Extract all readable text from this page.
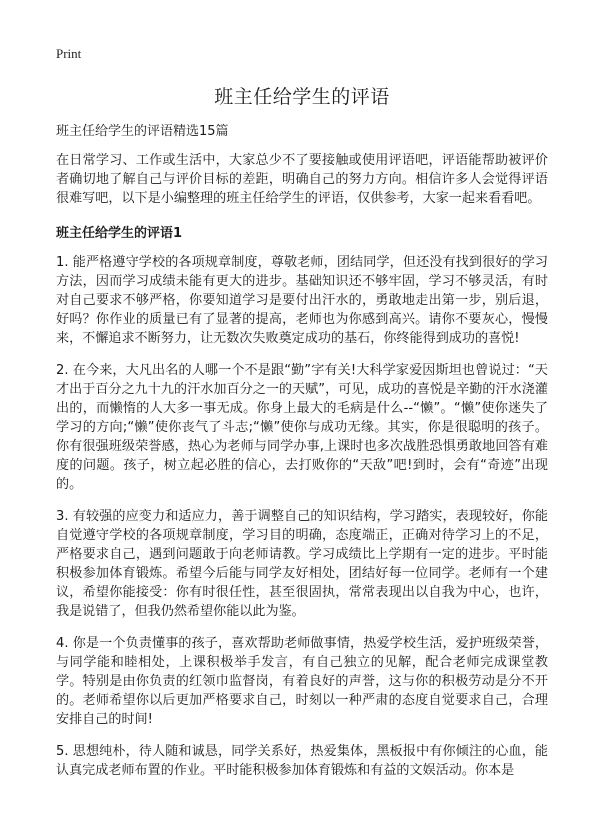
Print
班主任给学生的评语

班主任给学生的评语精选15篇

在日常学习、工作或生活中，大家总少不了要接触或使用评语吧，评语能帮助被评价者确切地了解自己与评价目标的差距，明确自己的努力方向。相信许多人会觉得评语很难写吧，以下是小编整理的班主任给学生的评语，仅供参考，大家一起来看看吧。

班主任给学生的评语1

1. 能严格遵守学校的各项规章制度，尊敬老师，团结同学，但还没有找到很好的学习方法，因而学习成绩未能有更大的进步。基础知识还不够牢固，学习不够灵活，有时对自己要求不够严格，你要知道学习是要付出汗水的，勇敢地走出第一步，别后退，好吗？你作业的质量已有了显著的提高，老师也为你感到高兴。请你不要灰心，慢慢来，不懈追求不断努力，让无数次失败奠定成功的基石，你终能得到成功的喜悦!

2. 在今来，大凡出名的人哪一个不是跟“勤”字有关!大科学家爱因斯坦也曾说过：“天才出于百分之九十九的汗水加百分之一的天赋”，可见，成功的喜悦是辛勤的汗水浇灌出的，而懒惰的人大多一事无成。你身上最大的毛病是什么--“懒”。“懒”使你迷失了学习的方向;“懒”使你丧气了斗志;“懒”使你与成功无缘。其实，你是很聪明的孩子。你有很强班级荣誉感，热心为老师与同学办事,上课时也多次战胜恐惧勇敢地回答有难度的问题。孩子，树立起必胜的信心，去打败你的“天敌”吧!到时，会有“奇迹”出现的。

3. 有较强的应变力和适应力，善于调整自己的知识结构，学习踏实，表现较好，你能自觉遵守学校的各项规章制度，学习目的明确，态度端正，正确对待学习上的不足，严格要求自己，遇到问题敢于向老师请教。学习成绩比上学期有一定的进步。平时能积极参加体育锻炼。希望今后能与同学友好相处，团结好每一位同学。老师有一个建议，希望你能接受：你有时很任性，甚至很固执，常常表现出以自我为中心，也许，我是说错了，但我仍然希望你能以此为鉴。

4. 你是一个负责懂事的孩子，喜欢帮助老师做事情，热爱学校生活，爱护班级荣誉，与同学能和睦相处，上课积极举手发言，有自己独立的见解，配合老师完成课堂教学。特别是由你负责的红领巾监督岗，有着良好的声誉，这与你的积极劳动是分不开的。老师希望你以后更加严格要求自己，时刻以一种严肃的态度自觉要求自己，合理安排自己的时间!

5. 思想纯朴，待人随和诚恳，同学关系好，热爱集体，黑板报中有你倾注的心血，能认真完成老师布置的作业。平时能积极参加体育锻炼和有益的文娱活动。你本是
